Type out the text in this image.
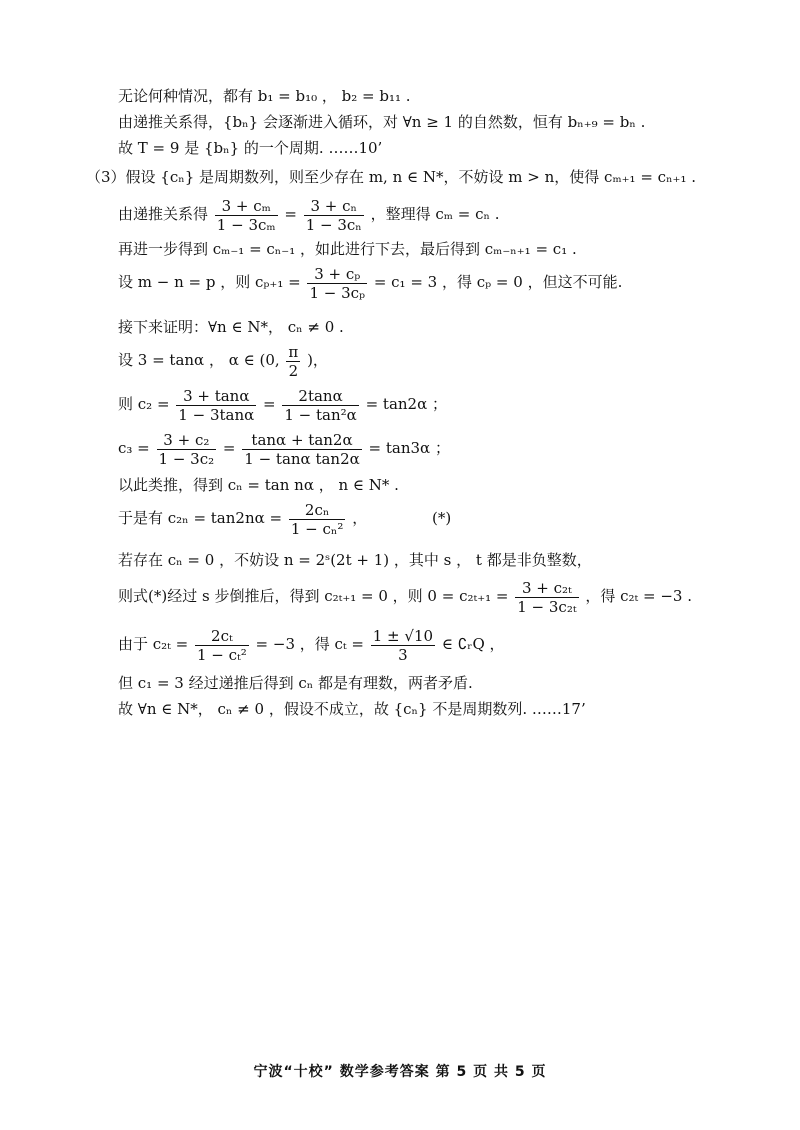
无论何种情况，都有 b₁ = b₁₀ ， b₂ = b₁₁ .
由递推关系得，{bₙ} 会逐渐进入循环，对 ∀n ≥ 1 的自然数，恒有 bₙ₊₉ = bₙ .
故 T = 9 是 {bₙ} 的一个周期. ……10’
（3）假设 {cₙ} 是周期数列，则至少存在 m, n ∈ N*，不妨设 m > n，使得 cₘ₊₁ = cₙ₊₁ .
由递推关系得 $\frac{\text{3 + cₘ}}{\text{1 − 3cₘ}} = \frac{\text{3 + cₙ}}{\text{1 − 3cₙ}}$ ，整理得 cₘ = cₙ .
再进一步得到 cₘ₋₁ = cₙ₋₁ ，如此进行下去，最后得到 cₘ₋ₙ₊₁ = c₁ .
设 m − n = p ，则 $c_{p+1} = \frac{\text{3 + cₚ}}{\text{1 − 3cₚ}} = c_1 = 3$ ，得 cₚ = 0 ，但这不可能.
接下来证明：∀n ∈ N*， cₙ ≠ 0 .
设 3 = tanα ， α ∈ (0, $\frac{\pi}{2}$ )，
则 $c_2 = \frac{3 + \tan\alpha}{1 - 3\tan\alpha} = \frac{2\tan\alpha}{\text{1 − tan²α}} = \tan 2\alpha$ ；
$c_3 = \frac{\text{3 + c₂}}{\text{1 − 3c₂}} = \frac{\tan\alpha + \tan 2\alpha}{\text{1 − tanα tan2α}} = \tan 3\alpha$ ；
以此类推，得到 cₙ = tan nα ， n ∈ N* .
于是有 $c_{2n} = \tan 2n\alpha = \frac{\text{2cₙ}}{\text{1 − cₙ²}}$ ，	(*)
若存在 cₙ = 0 ，不妨设 n = 2ˢ(2t + 1) ，其中 s ， t 都是非负整数，
则式(*)经过 s 步倒推后，得到 c₂ₜ₊₁ = 0 ，则 $0 = c_{2t+1} = \frac{\text{3 + c₂ₜ}}{\text{1 − 3c₂ₜ}}$ ，得 c₂ₜ = −3 .
由于 $c_{2t} = \frac{\text{2cₜ}}{\text{1 − cₜ²}} = -3$ ，得 $c_t = \frac{1 \pm √10}{3}$ ∈ ∁ᵣQ ，
但 c₁ = 3 经过递推后得到 cₙ 都是有理数，两者矛盾.
故 ∀n ∈ N*， cₙ ≠ 0 ，假设不成立，故 {cₙ} 不是周期数列. ……17’
宁波“十校” 数学参考答案 第 5 页 共 5 页
